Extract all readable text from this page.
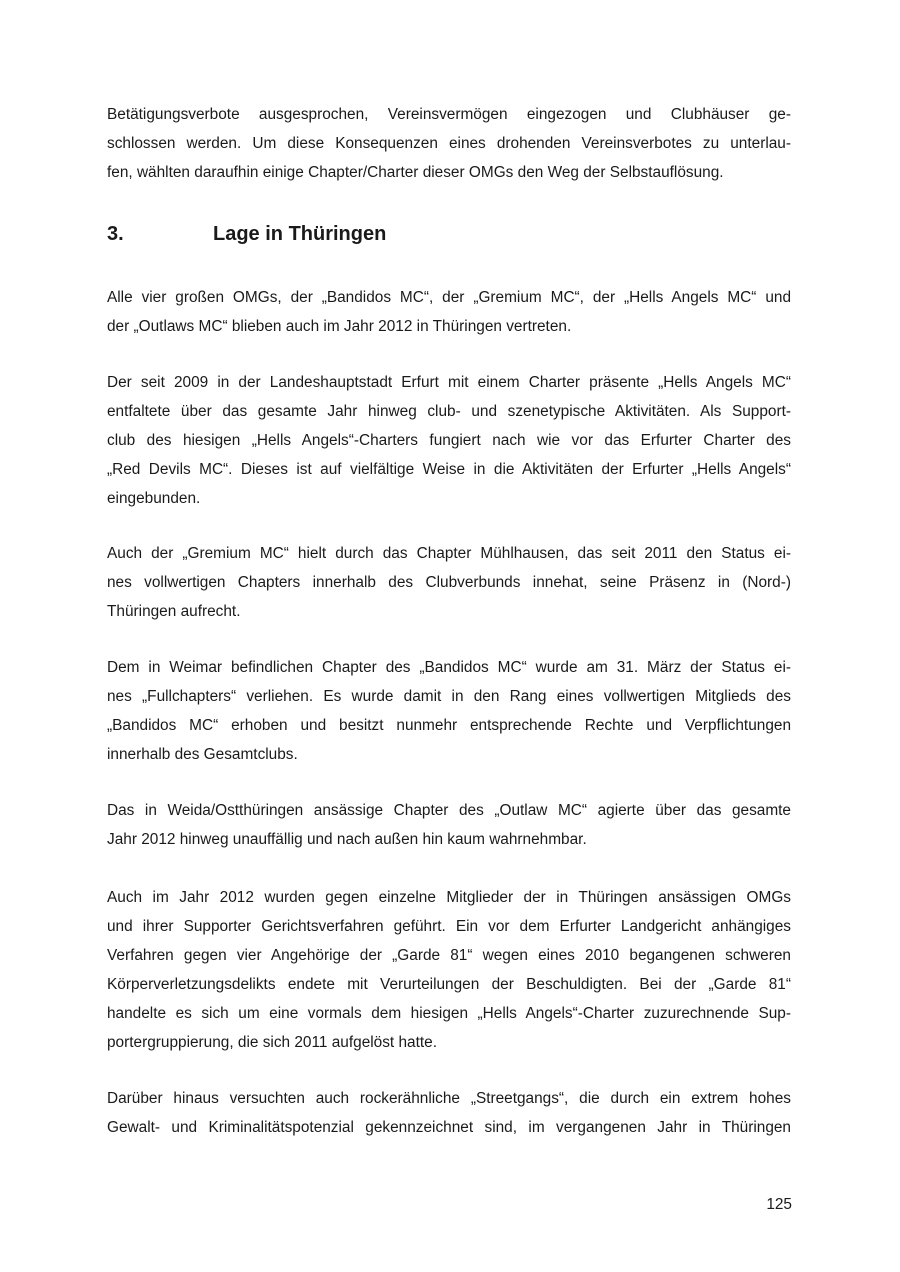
Betätigungsverbote ausgesprochen, Vereinsvermögen eingezogen und Clubhäuser ge-
schlossen werden. Um diese Konsequenzen eines drohenden Vereinsverbotes zu unterlau-
fen, wählten daraufhin einige Chapter/Charter dieser OMGs den Weg der Selbstauflösung.

3.	Lage in Thüringen

Alle vier großen OMGs, der „Bandidos MC“, der „Gremium MC“, der „Hells Angels MC“ und
der „Outlaws MC“ blieben auch im Jahr 2012 in Thüringen vertreten.

Der seit 2009 in der Landeshauptstadt Erfurt mit einem Charter präsente „Hells Angels MC“
entfaltete über das gesamte Jahr hinweg club- und szenetypische Aktivitäten. Als Support-
club des hiesigen „Hells Angels“-Charters fungiert nach wie vor das Erfurter Charter des
„Red Devils MC“. Dieses ist auf vielfältige Weise in die Aktivitäten der Erfurter „Hells Angels“
eingebunden.

Auch der „Gremium MC“ hielt durch das Chapter Mühlhausen, das seit 2011 den Status ei-
nes vollwertigen Chapters innerhalb des Clubverbunds innehat, seine Präsenz in (Nord-)
Thüringen aufrecht.

Dem in Weimar befindlichen Chapter des „Bandidos MC“ wurde am 31. März der Status ei-
nes „Fullchapters“ verliehen. Es wurde damit in den Rang eines vollwertigen Mitglieds des
„Bandidos MC“ erhoben und besitzt nunmehr entsprechende Rechte und Verpflichtungen
innerhalb des Gesamtclubs.

Das in Weida/Ostthüringen ansässige Chapter des „Outlaw MC“ agierte über das gesamte
Jahr 2012 hinweg unauffällig und nach außen hin kaum wahrnehmbar.

Auch im Jahr 2012 wurden gegen einzelne Mitglieder der in Thüringen ansässigen OMGs
und ihrer Supporter Gerichtsverfahren geführt. Ein vor dem Erfurter Landgericht anhängiges
Verfahren gegen vier Angehörige der „Garde 81“ wegen eines 2010 begangenen schweren
Körperverletzungsdelikts endete mit Verurteilungen der Beschuldigten. Bei der „Garde 81“
handelte es sich um eine vormals dem hiesigen „Hells Angels“-Charter zuzurechnende Sup-
portergruppierung, die sich 2011 aufgelöst hatte.

Darüber hinaus versuchten auch rockerähnliche „Streetgangs“, die durch ein extrem hohes
Gewalt- und Kriminalitätspotenzial gekennzeichnet sind, im vergangenen Jahr in Thüringen

125
